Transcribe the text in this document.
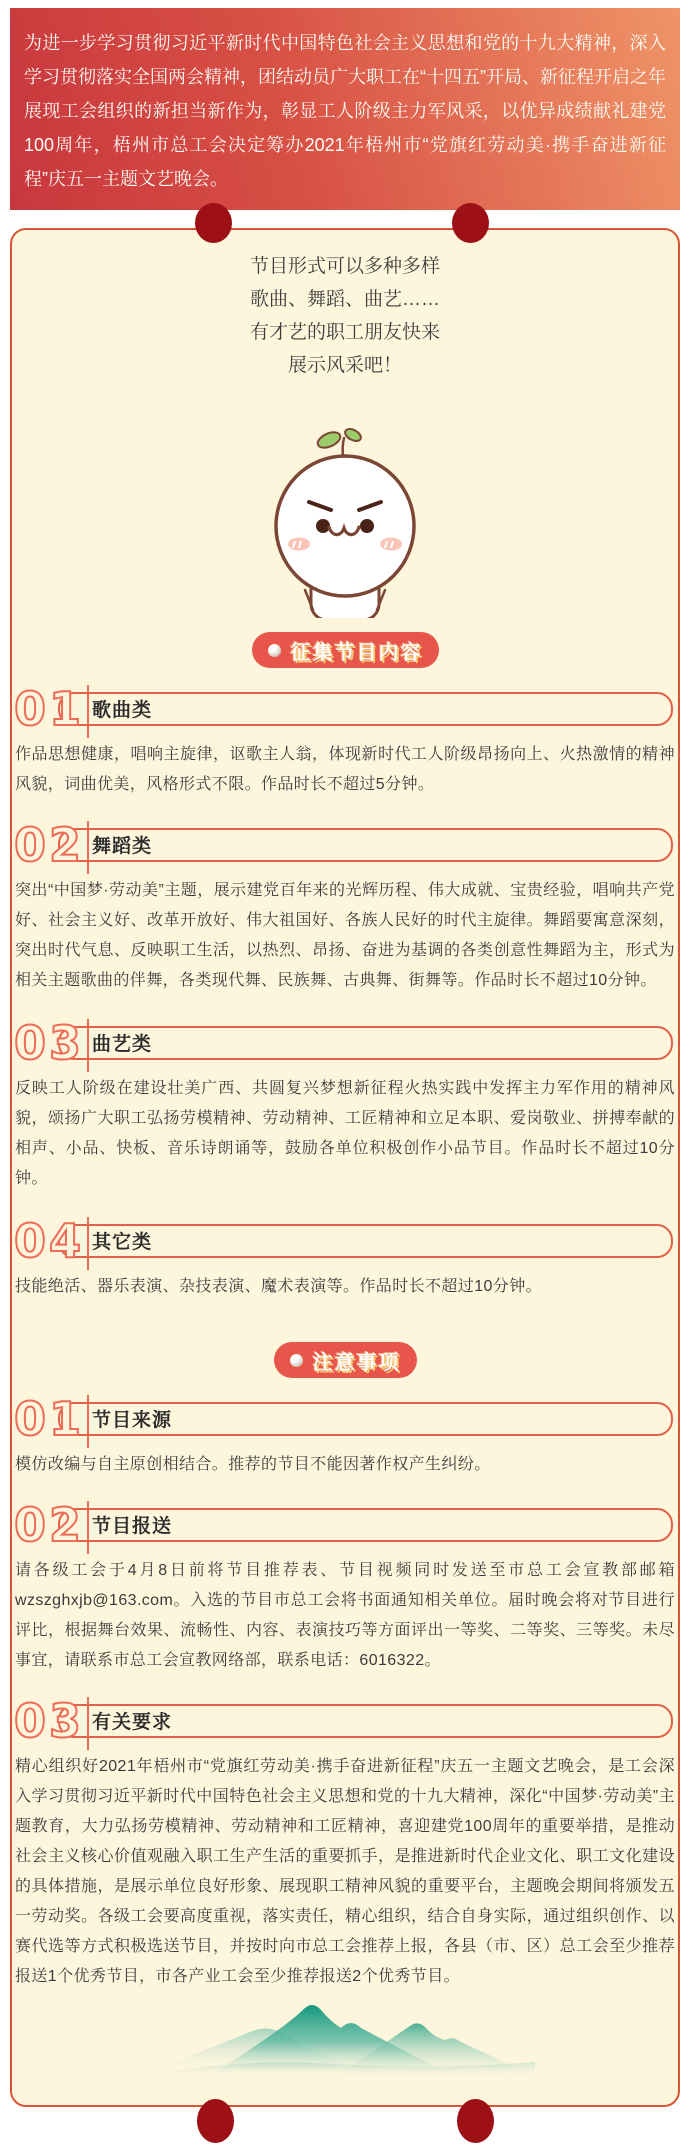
为进一步学习贯彻习近平新时代中国特色社会主义思想和党的十九大精神，深入学习贯彻落实全国两会精神，团结动员广大职工在“十四五”开局、新征程开启之年展现工会组织的新担当新作为，彰显工人阶级主力军风采，以优异成绩献礼建党100周年，梧州市总工会决定筹办2021年梧州市“党旗红劳动美·携手奋进新征程”庆五一主题文艺晚会。

节目形式可以多种多样
歌曲、舞蹈、曲艺……
有才艺的职工朋友快来
展示风采吧！
征集节目内容
01 歌曲类

作品思想健康，唱响主旋律，讴歌主人翁，体现新时代工人阶级昂扬向上、火热激情的精神风貌，词曲优美，风格形式不限。作品时长不超过5分钟。

02 舞蹈类

突出“中国梦·劳动美”主题，展示建党百年来的光辉历程、伟大成就、宝贵经验，唱响共产党好、社会主义好、改革开放好、伟大祖国好、各族人民好的时代主旋律。舞蹈要寓意深刻，突出时代气息、反映职工生活，以热烈、昂扬、奋进为基调的各类创意性舞蹈为主，形式为相关主题歌曲的伴舞，各类现代舞、民族舞、古典舞、街舞等。作品时长不超过10分钟。

03 曲艺类

反映工人阶级在建设壮美广西、共圆复兴梦想新征程火热实践中发挥主力军作用的精神风貌，颂扬广大职工弘扬劳模精神、劳动精神、工匠精神和立足本职、爱岗敬业、拼搏奉献的相声、小品、快板、音乐诗朗诵等，鼓励各单位积极创作小品节目。作品时长不超过10分钟。

04 其它类

技能绝活、器乐表演、杂技表演、魔术表演等。作品时长不超过10分钟。

注意事项
01 节目来源

模仿改编与自主原创相结合。推荐的节目不能因著作权产生纠纷。

02 节目报送

请各级工会于4月8日前将节目推荐表、节目视频同时发送至市总工会宣教部邮箱wzszghxjb@163.com。入选的节目市总工会将书面通知相关单位。届时晚会将对节目进行评比，根据舞台效果、流畅性、内容、表演技巧等方面评出一等奖、二等奖、三等奖。未尽事宜，请联系市总工会宣教网络部，联系电话：6016322。

03 有关要求

精心组织好2021年梧州市“党旗红劳动美·携手奋进新征程”庆五一主题文艺晚会，是工会深入学习贯彻习近平新时代中国特色社会主义思想和党的十九大精神，深化“中国梦·劳动美”主题教育，大力弘扬劳模精神、劳动精神和工匠精神，喜迎建党100周年的重要举措，是推动社会主义核心价值观融入职工生产生活的重要抓手，是推进新时代企业文化、职工文化建设的具体措施，是展示单位良好形象、展现职工精神风貌的重要平台，主题晚会期间将颁发五一劳动奖。各级工会要高度重视，落实责任，精心组织，结合自身实际，通过组织创作、以赛代选等方式积极选送节目，并按时向市总工会推荐上报，各县（市、区）总工会至少推荐报送1个优秀节目，市各产业工会至少推荐报送2个优秀节目。
